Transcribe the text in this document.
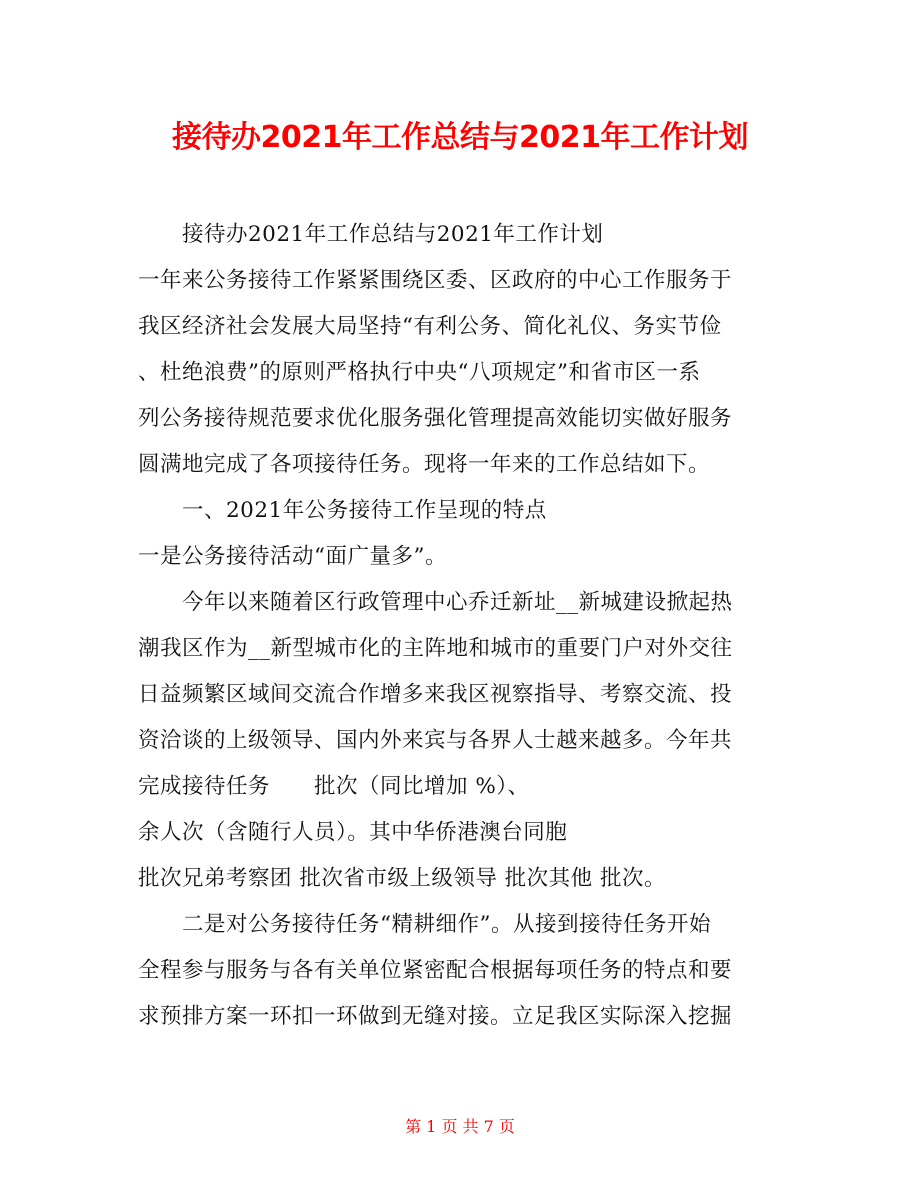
接待办2021年工作总结与2021年工作计划
接待办2021年工作总结与2021年工作计划
一年来公务接待工作紧紧围绕区委、区政府的中心工作服务于
我区经济社会发展大局坚持“有利公务、简化礼仪、务实节俭
、杜绝浪费”的原则严格执行中央“八项规定”和省市区一系
列公务接待规范要求优化服务强化管理提高效能切实做好服务
圆满地完成了各项接待任务。现将一年来的工作总结如下。
一、2021年公务接待工作呈现的特点
一是公务接待活动“面广量多”。
今年以来随着区行政管理中心乔迁新址__新城建设掀起热
潮我区作为__新型城市化的主阵地和城市的重要门户对外交往
日益频繁区域间交流合作增多来我区视察指导、考察交流、投
资洽谈的上级领导、国内外来宾与各界人士越来越多。今年共
完成接待任务　　批次（同比增加 %）、
余人次（含随行人员）。其中华侨港澳台同胞
批次兄弟考察团 批次省市级上级领导 批次其他 批次。
二是对公务接待任务“精耕细作”。从接到接待任务开始
全程参与服务与各有关单位紧密配合根据每项任务的特点和要
求预排方案一环扣一环做到无缝对接。立足我区实际深入挖掘
第 1 页 共 7 页
